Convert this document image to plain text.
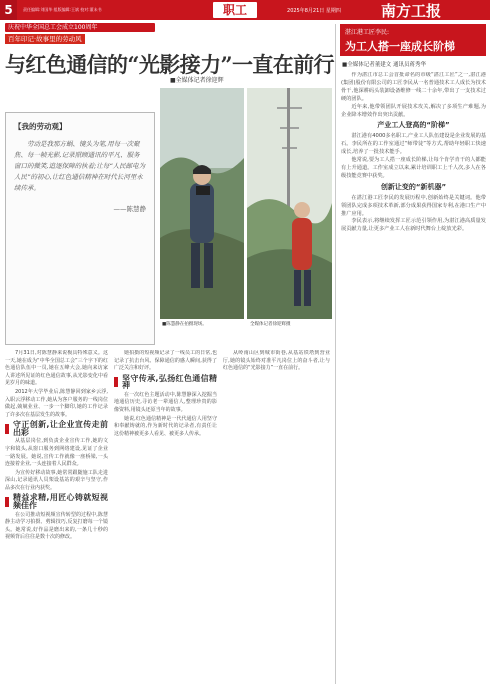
5	责任编辑:刘国华 组版编辑:王斌 校对:董未书	职工	2025年8月21日 星期四	南方工报
庆祝中华全国总工会成立100周年
百年印记·故事里的劳动风
与红色通信的“光影接力”一直在前行
■全媒体记者徐迎辉
【我的劳动观】
劳动是我那方蜗、镜头为笔,用每一次聚焦、每一帧光影,记录照顾通讯的平凡、服务窗口的微笑,追逐保障的执着;让每“人民邮电为人民”的初心,让红色通信精神在时代长河里永续传承。
——陈慧静
■陈慧静在拍摄现场。	全媒体记者徐迎辉摄

7月31日,对陈慧静来说极具特殊意义。这一天,她在成为“中华全国总工会”三个字下的红色通信队伍中一员,她在五峰大会,她向来访家人讲述所见证的红色通信故事,从光影变化中看见岁月的味道。

2012年大学毕业后,陈慧静回到家乡云浮,入职云浮移动工作,她从为客户服务的一线岗位做起,兢兢业业、一步一个脚印,她的工作记录了许多次在基层发生的故事。

守正创新,让企业宣传走前出彩

从基层岗位,到负责企业宣传工作,她的文字和镜头,从窗口服务到网络建设,见证了企业一路发展。她说,宣传工作就像一座桥梁,一头连接着企业,一头连接着人民群众。

为宣传好移动故事,她常常跟随施工队走进深山,记录通讯人员架设基站的艰辛与坚守,作品多次在行业内获奖。

精益求精,用匠心铸就短视频佳作

在公司推动短视频宣传转型的过程中,陈慧静主动学习拍摄、剪辑技巧,反复打磨每一个镜头。她常说,好作品是磨出来的,一条几十秒的视频背后往往是数十次的修改。

她拍摄的短视频记录了一线员工的日常,也记录了抗击台风、保障通信的感人瞬间,获得了广泛关注和好评。

坚守传承,弘扬红色通信精神

在一次红色主题活动中,陈慧静深入挖掘当地通信历史,寻访老一辈通信人,整理珍贵的影像资料,用镜头还原当年的故事。

她说,红色通信精神是一代代通信人用坚守和奉献铸就的,作为新时代的记录者,有责任让这份精神被更多人看见、被更多人传承。

从岭南山区到城市街巷,从基站铁塔到营业厅,她的镜头始终对准平凡岗位上的奋斗者,让与红色通信的“光影接力”一直在前行。

湛江港工匠李民:
为工人搭一座成长阶梯
■全媒体记者董建文 通讯员蒋秀华

作为湛江市总工会首批命名的市级“湛江工匠”之一,湛江港(集团)股份有限公司的工匠李民从一名普通技术工人成长为技术骨干,他深耕码头装卸设备维修一线二十余年,带出了一支技术过硬的团队。

近年来,他带领团队开展技术攻关,解决了多项生产难题,为企业降本增效作出突出贡献。

产业工人登高的“阶梯”

湛江港有4000多名职工,产业工人队伍建设是企业发展的基石。李民所在的工作室通过“师带徒”等方式,帮助年轻职工快速成长,培养了一批技术能手。

他常说,要为工人搭一座成长阶梯,让每个肯学肯干的人都能有上升通道。工作室成立以来,累计培训职工上千人次,多人在各级技能竞赛中获奖。

创新让变的“新机器”

在湛江港工匠李民的发展历程中,创新始终是关键词。他带领团队完成多项技术革新,部分成果获得国家专利,在港口生产中推广应用。

李民表示,将继续发挥工匠示范引领作用,为湛江港高质量发展贡献力量,让更多产业工人在新时代舞台上绽放光彩。
